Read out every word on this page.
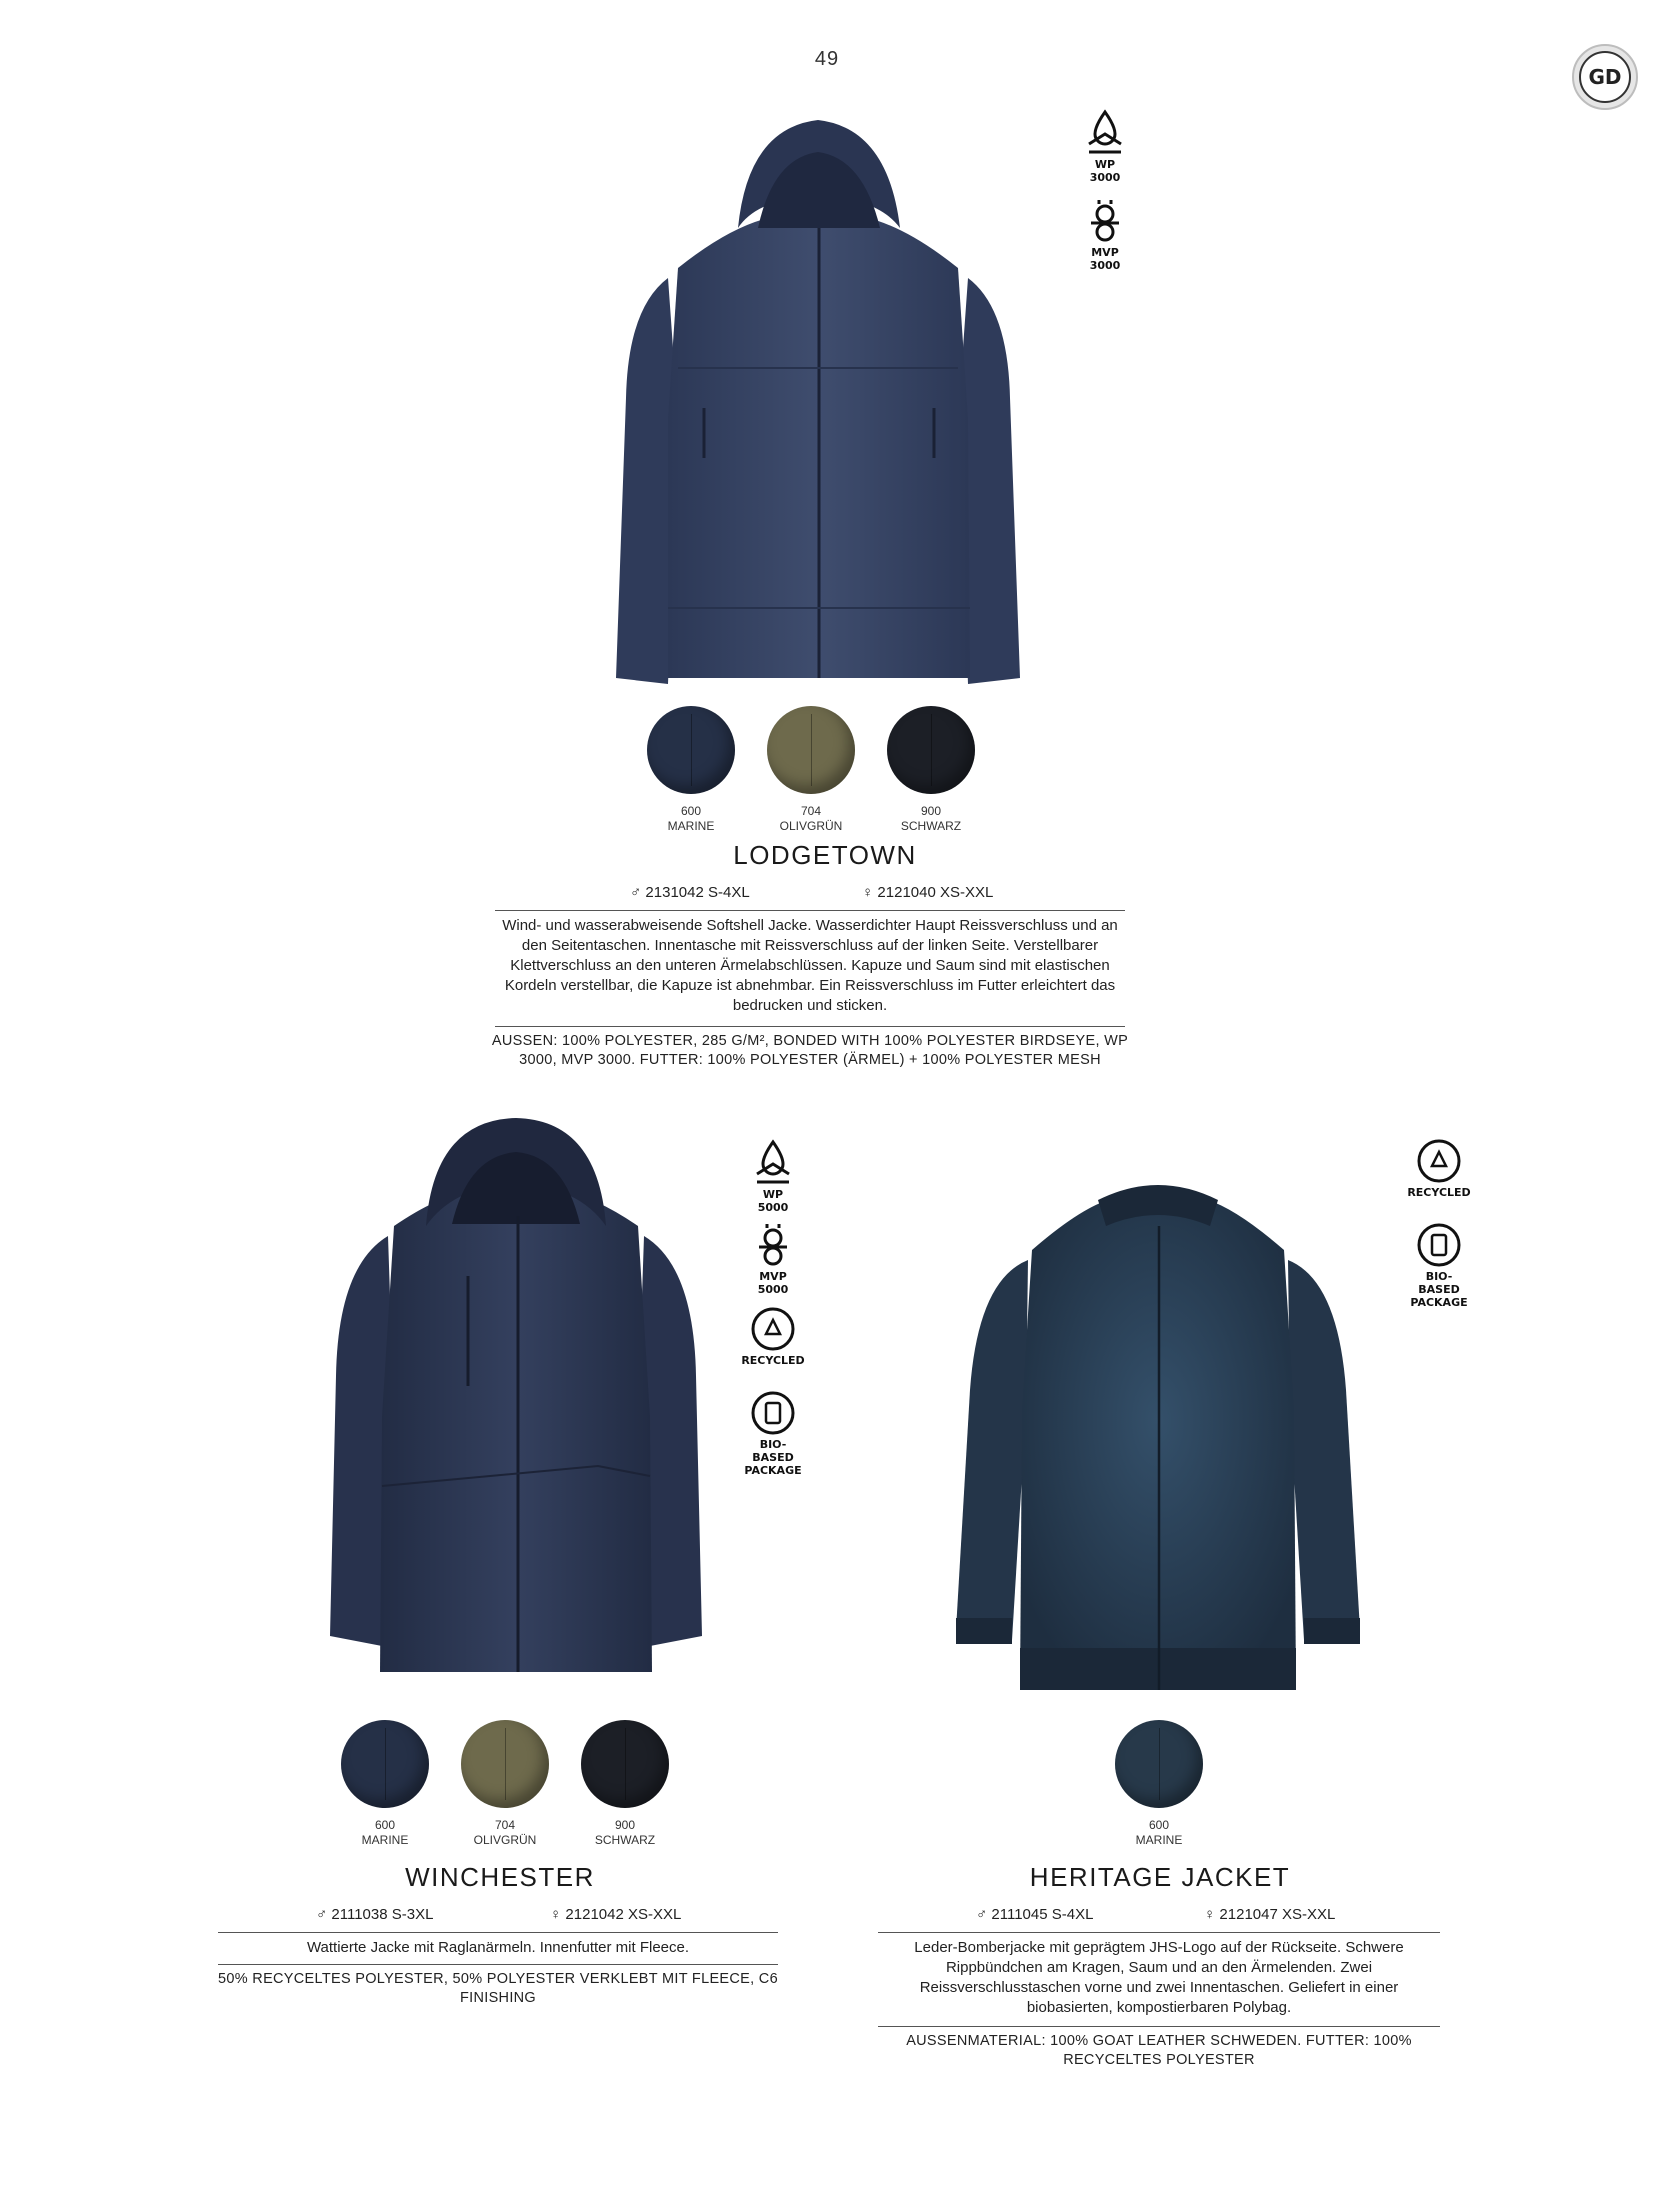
49
GD
WP
3000
MVP
3000
600
MARINE
704
OLIVGRÜN
900
SCHWARZ
LODGETOWN
♂ 2131042 S-4XL	♀ 2121040 XS-XXL
Wind- und wasserabweisende Softshell Jacke. Wasserdichter Haupt Reissverschluss und an den Seitentaschen. Innentasche mit Reissverschluss auf der linken Seite. Verstellbarer Klettverschluss an den unteren Ärmelabschlüssen. Kapuze und Saum sind mit elastischen Kordeln verstellbar, die Kapuze ist abnehmbar. Ein Reissverschluss im Futter erleichtert das bedrucken und sticken.
AUSSEN: 100% POLYESTER, 285 G/M², BONDED WITH 100% POLYESTER BIRDSEYE, WP 3000, MVP 3000. FUTTER: 100% POLYESTER (ÄRMEL) + 100% POLYESTER MESH
WP
5000
MVP
5000
RECYCLED
BIO-
BASED
PACKAGE
600
MARINE
704
OLIVGRÜN
900
SCHWARZ
WINCHESTER
♂ 2111038 S-3XL	♀ 2121042 XS-XXL
Wattierte Jacke mit Raglanärmeln. Innenfutter mit Fleece.
50% RECYCELTES POLYESTER, 50% POLYESTER VERKLEBT MIT FLEECE, C6 FINISHING
RECYCLED
BIO-
BASED
PACKAGE
600
MARINE
HERITAGE JACKET
♂ 2111045 S-4XL	♀ 2121047 XS-XXL
Leder-Bomberjacke mit geprägtem JHS-Logo auf der Rückseite. Schwere Rippbündchen am Kragen, Saum und an den Ärmelenden. Zwei Reissverschlusstaschen vorne und zwei Innentaschen. Geliefert in einer biobasierten, kompostierbaren Polybag.
AUSSENMATERIAL: 100% GOAT LEATHER SCHWEDEN. FUTTER: 100% RECYCELTES POLYESTER
